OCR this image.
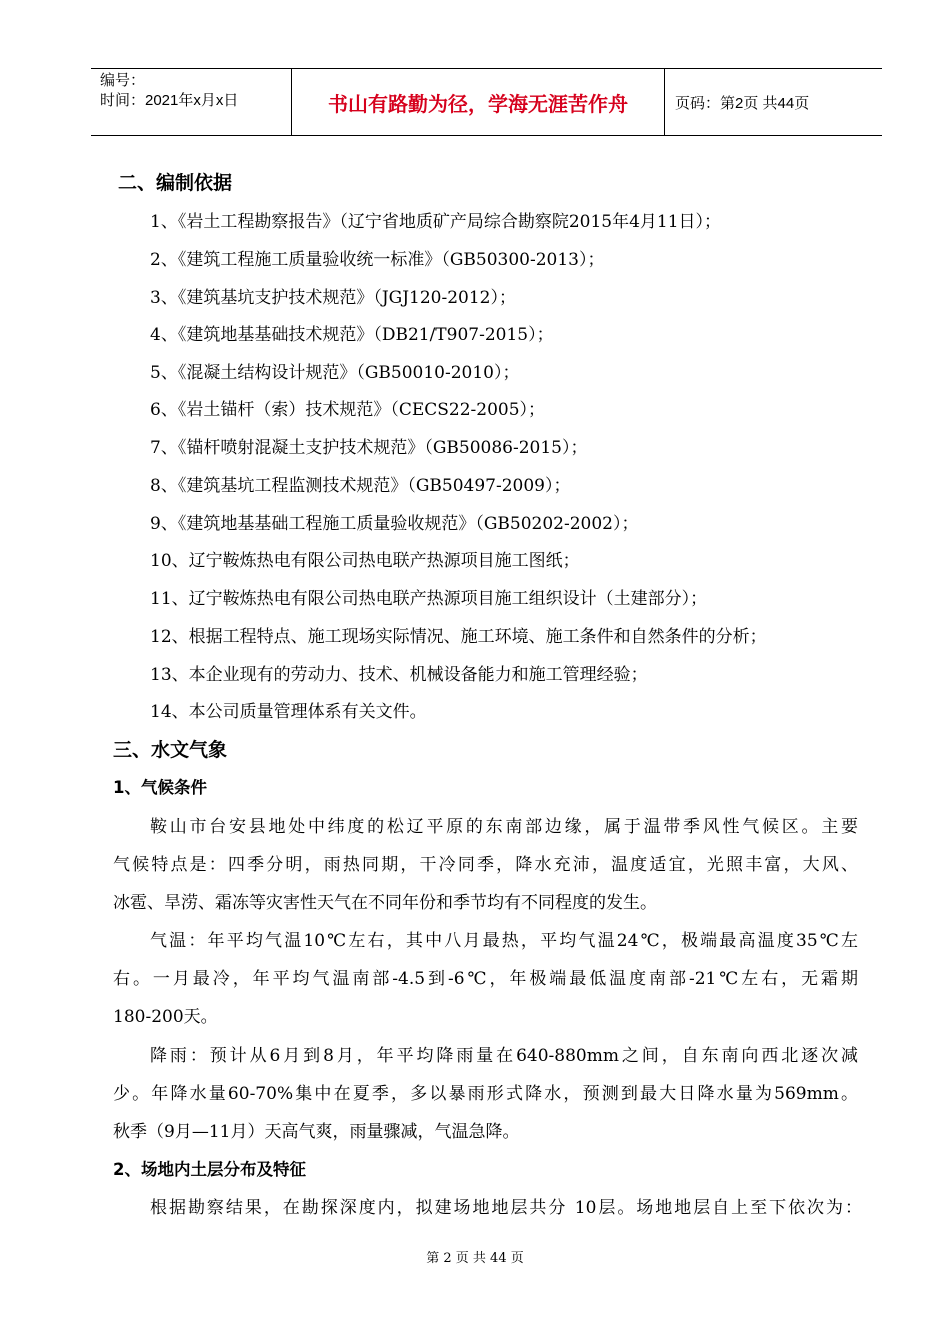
编号：
时间：2021年x月x日	书山有路勤为径，学海无涯苦作舟	页码：第2页 共44页
二、编制依据
1、《岩土工程勘察报告》（辽宁省地质矿产局综合勘察院2015年4月11日）；
2、《建筑工程施工质量验收统一标准》（GB50300-2013）；
3、《建筑基坑支护技术规范》（JGJ120-2012）；
4、《建筑地基基础技术规范》（DB21/T907-2015）；
5、《混凝土结构设计规范》（GB50010-2010）；
6、《岩土锚杆（索）技术规范》（CECS22-2005）；
7、《锚杆喷射混凝土支护技术规范》（GB50086-2015）；
8、《建筑基坑工程监测技术规范》（GB50497-2009）；
9、《建筑地基基础工程施工质量验收规范》（GB50202-2002）；
10、辽宁鞍炼热电有限公司热电联产热源项目施工图纸；
11、辽宁鞍炼热电有限公司热电联产热源项目施工组织设计（土建部分）；
12、根据工程特点、施工现场实际情况、施工环境、施工条件和自然条件的分析；
13、本企业现有的劳动力、技术、机械设备能力和施工管理经验；
14、本公司质量管理体系有关文件。
三、水文气象
1、气候条件
鞍山市台安县地处中纬度的松辽平原的东南部边缘，属于温带季风性气候区。主要
气候特点是：四季分明，雨热同期，干冷同季，降水充沛，温度适宜，光照丰富，大风、
冰雹、旱涝、霜冻等灾害性天气在不同年份和季节均有不同程度的发生。
气温：年平均气温10℃左右，其中八月最热，平均气温24℃，极端最高温度35℃左
右。一月最冷，年平均气温南部-4.5到-6℃，年极端最低温度南部-21℃左右，无霜期
180-200天。
降雨：预计从6月到8月，年平均降雨量在640-880mm之间，自东南向西北逐次减
少。年降水量60-70%集中在夏季，多以暴雨形式降水，预测到最大日降水量为569mm。
秋季（9月—11月）天高气爽，雨量骤减，气温急降。
2、场地内土层分布及特征
根据勘察结果，在勘探深度内，拟建场地地层共分 10层。场地地层自上至下依次为：
第 2 页 共 44 页
